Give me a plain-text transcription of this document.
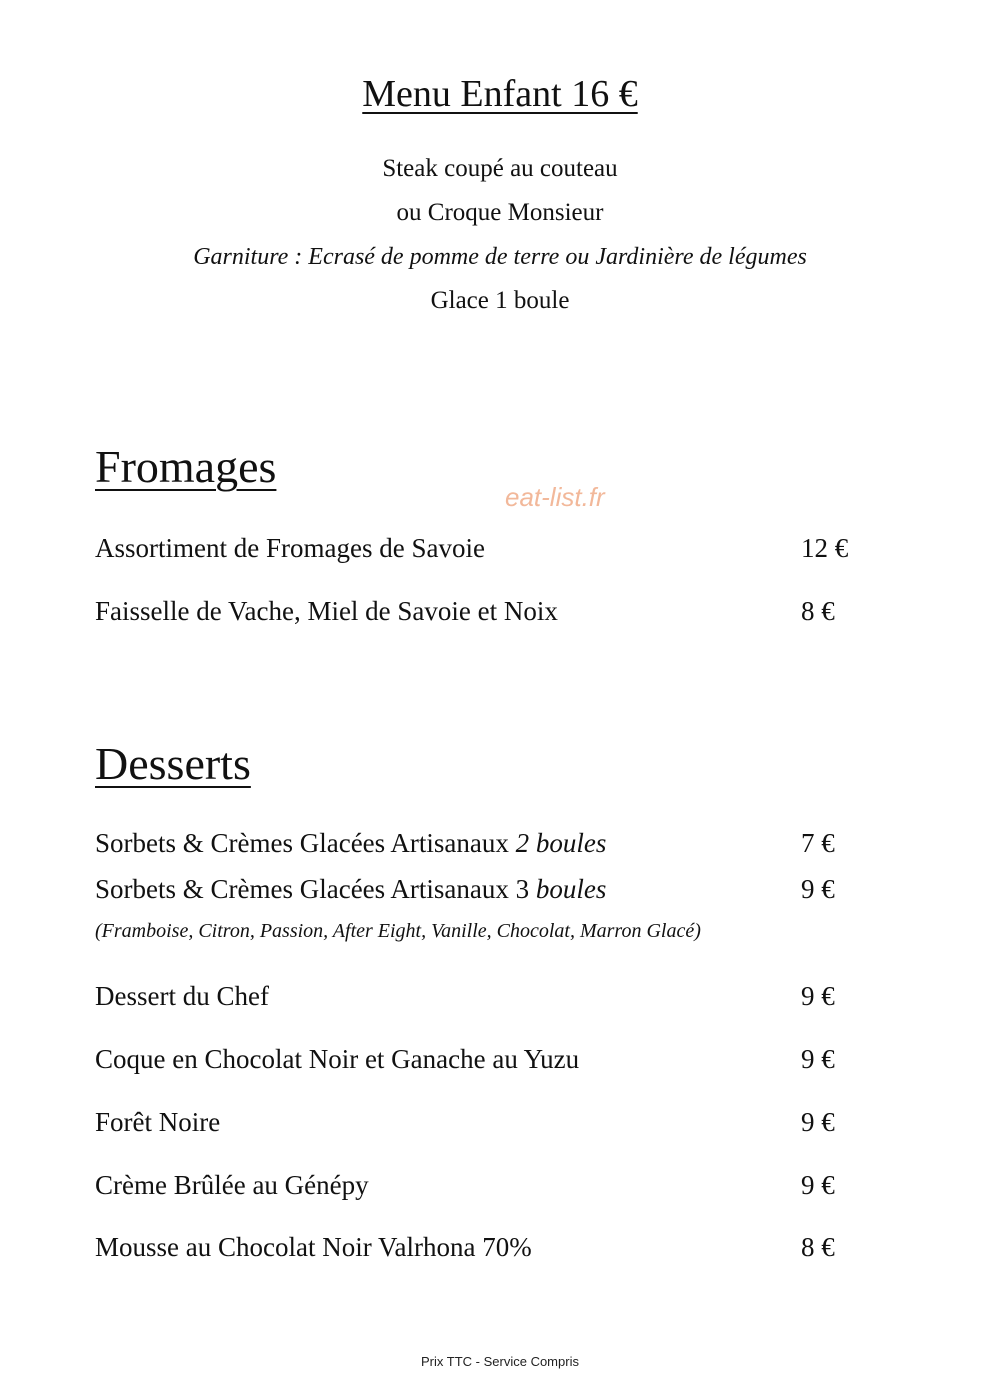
Menu Enfant 16 €
Steak coupé au couteau
ou Croque Monsieur
Garniture : Ecrasé de pomme de terre ou Jardinière de légumes
Glace 1 boule
Fromages
eat-list.fr
Assortiment de Fromages de Savoie	12 €
Faisselle de Vache, Miel de Savoie et Noix	8 €
Desserts
Sorbets & Crèmes Glacées Artisanaux 2 boules	7 €
Sorbets & Crèmes Glacées Artisanaux 3 boules	9 €
(Framboise, Citron, Passion, After Eight, Vanille, Chocolat, Marron Glacé)
Dessert du Chef	9 €
Coque en Chocolat Noir et Ganache au Yuzu	9 €
Forêt Noire	9 €
Crème Brûlée au Génépy	9 €
Mousse au Chocolat Noir Valrhona 70%	8 €
Prix TTC - Service Compris
